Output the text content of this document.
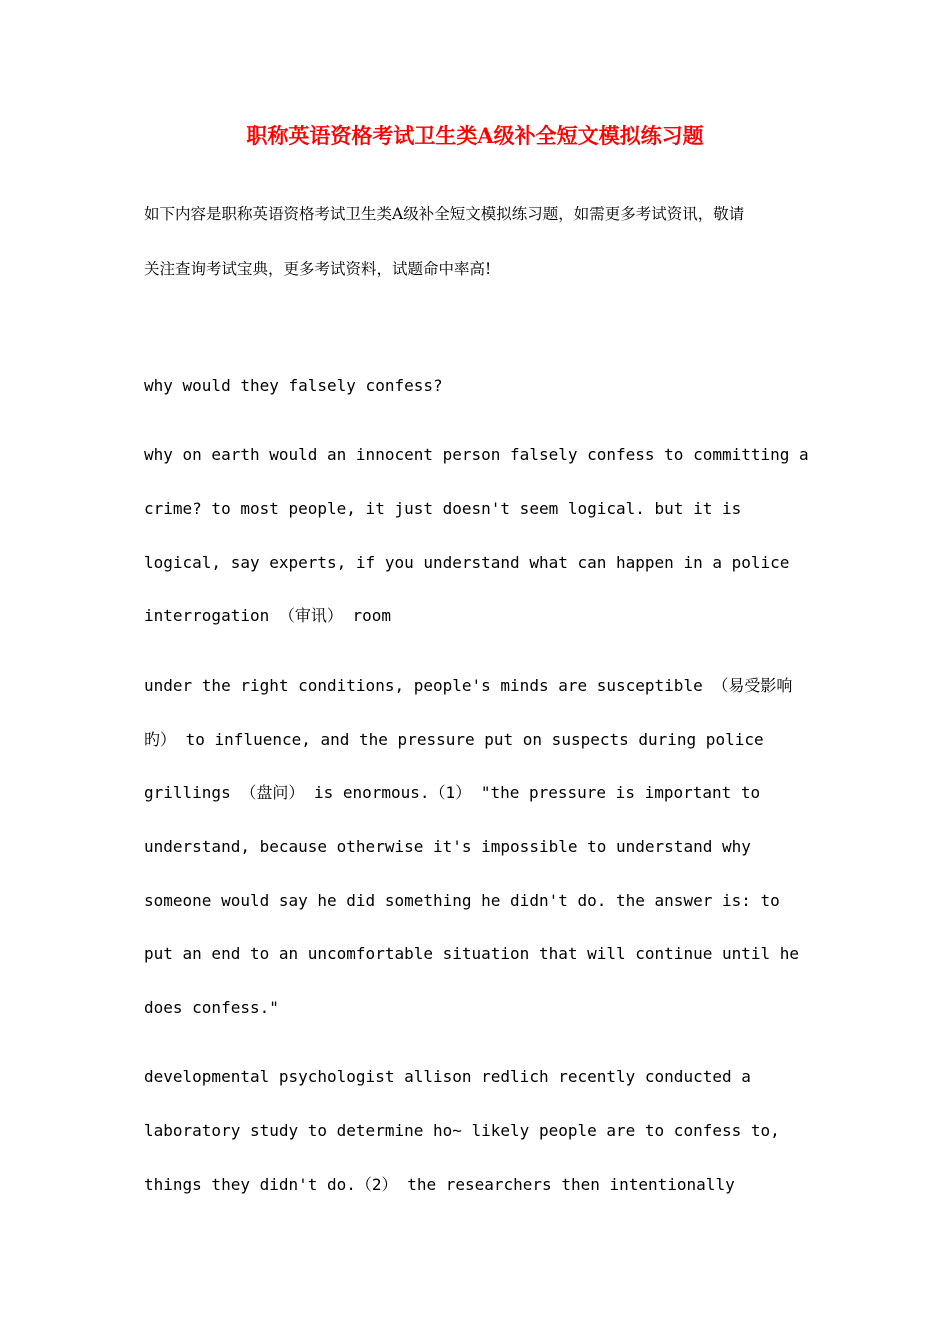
职称英语资格考试卫生类A级补全短文模拟练习题

如下内容是职称英语资格考试卫生类A级补全短文模拟练习题，如需更多考试资讯，敬请

关注查询考试宝典，更多考试资料，试题命中率高!

why would they falsely confess?

why on earth would an innocent person falsely confess to committing a

crime? to most people, it just doesn't seem logical. but it is

logical, say experts, if you understand what can happen in a police

interrogation （审讯） room

under the right conditions, people's minds are susceptible （易受影响

旳） to influence, and the pressure put on suspects during police

grillings （盘问） is enormous.（1） "the pressure is important to

understand, because otherwise it's impossible to understand why

someone would say he did something he didn't do. the answer is: to

put an end to an uncomfortable situation that will continue until he

does confess."

developmental psychologist allison redlich recently conducted a

laboratory study to determine ho~ likely people are to confess to,

things they didn't do.（2） the researchers then intentionally
